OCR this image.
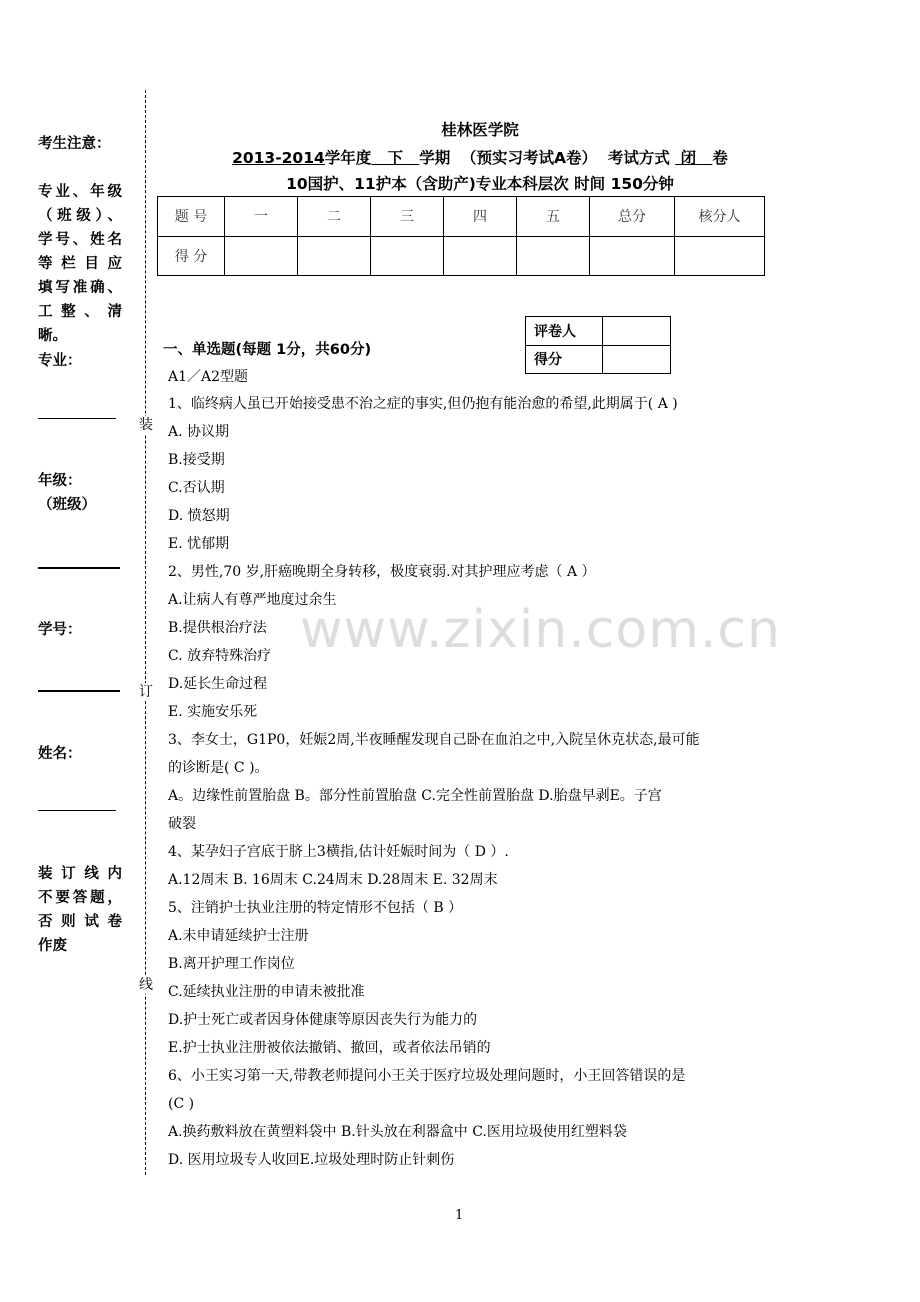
考生注意：
专业、年级
（班级）、
学号、姓名
等栏目应
填写准确、
工整、清晰。
专业：
年级：
（班级）
学号：
姓名：
装订线内
不要答题，
否则试卷
作废
装
订
线
桂林医学院
2013-2014学年度 下 学期 （预实习考试A卷） 考试方式 闭 卷
10国护、11护本（含助产)专业本科层次 时间 150分钟
题 号	一	二	三	四	五	总分	核分人
得 分							
评卷人	
得分	
一、单选题(每题 1分，共60分)
A1／A2型题
1、临终病人虽已开始接受患不治之症的事实,但仍抱有能治愈的希望,此期属于( A )
A. 协议期
B.接受期
C.否认期
D. 愤怒期
E. 忧郁期
2、男性,70 岁,肝癌晚期全身转移，极度衰弱.对其护理应考虑（ A ）
A.让病人有尊严地度过余生
B.提供根治疗法
C. 放弃特殊治疗
D.延长生命过程
E. 实施安乐死
3、李女士，G1P0，妊娠2周,半夜睡醒发现自己卧在血泊之中,入院呈休克状态,最可能
的诊断是( C )。
A。边缘性前置胎盘 B。部分性前置胎盘 C.完全性前置胎盘 D.胎盘早剥E。子宫
破裂
4、某孕妇子宫底于脐上3横指,估计妊娠时间为（ D ）.
A.12周末 B. 16周末 C.24周末 D.28周末 E. 32周末
5、注销护士执业注册的特定情形不包括（ B ）
A.未申请延续护士注册
B.离开护理工作岗位
C.延续执业注册的申请未被批准
D.护士死亡或者因身体健康等原因丧失行为能力的
E.护士执业注册被依法撤销、撤回，或者依法吊销的
6、小王实习第一天,带教老师提问小王关于医疗垃圾处理问题时，小王回答错误的是
(C )
A.换药敷料放在黄塑料袋中 B.针头放在利器盒中 C.医用垃圾使用红塑料袋
D. 医用垃圾专人收回E.垃圾处理时防止针刺伤
www.zixin.com.cn
1
